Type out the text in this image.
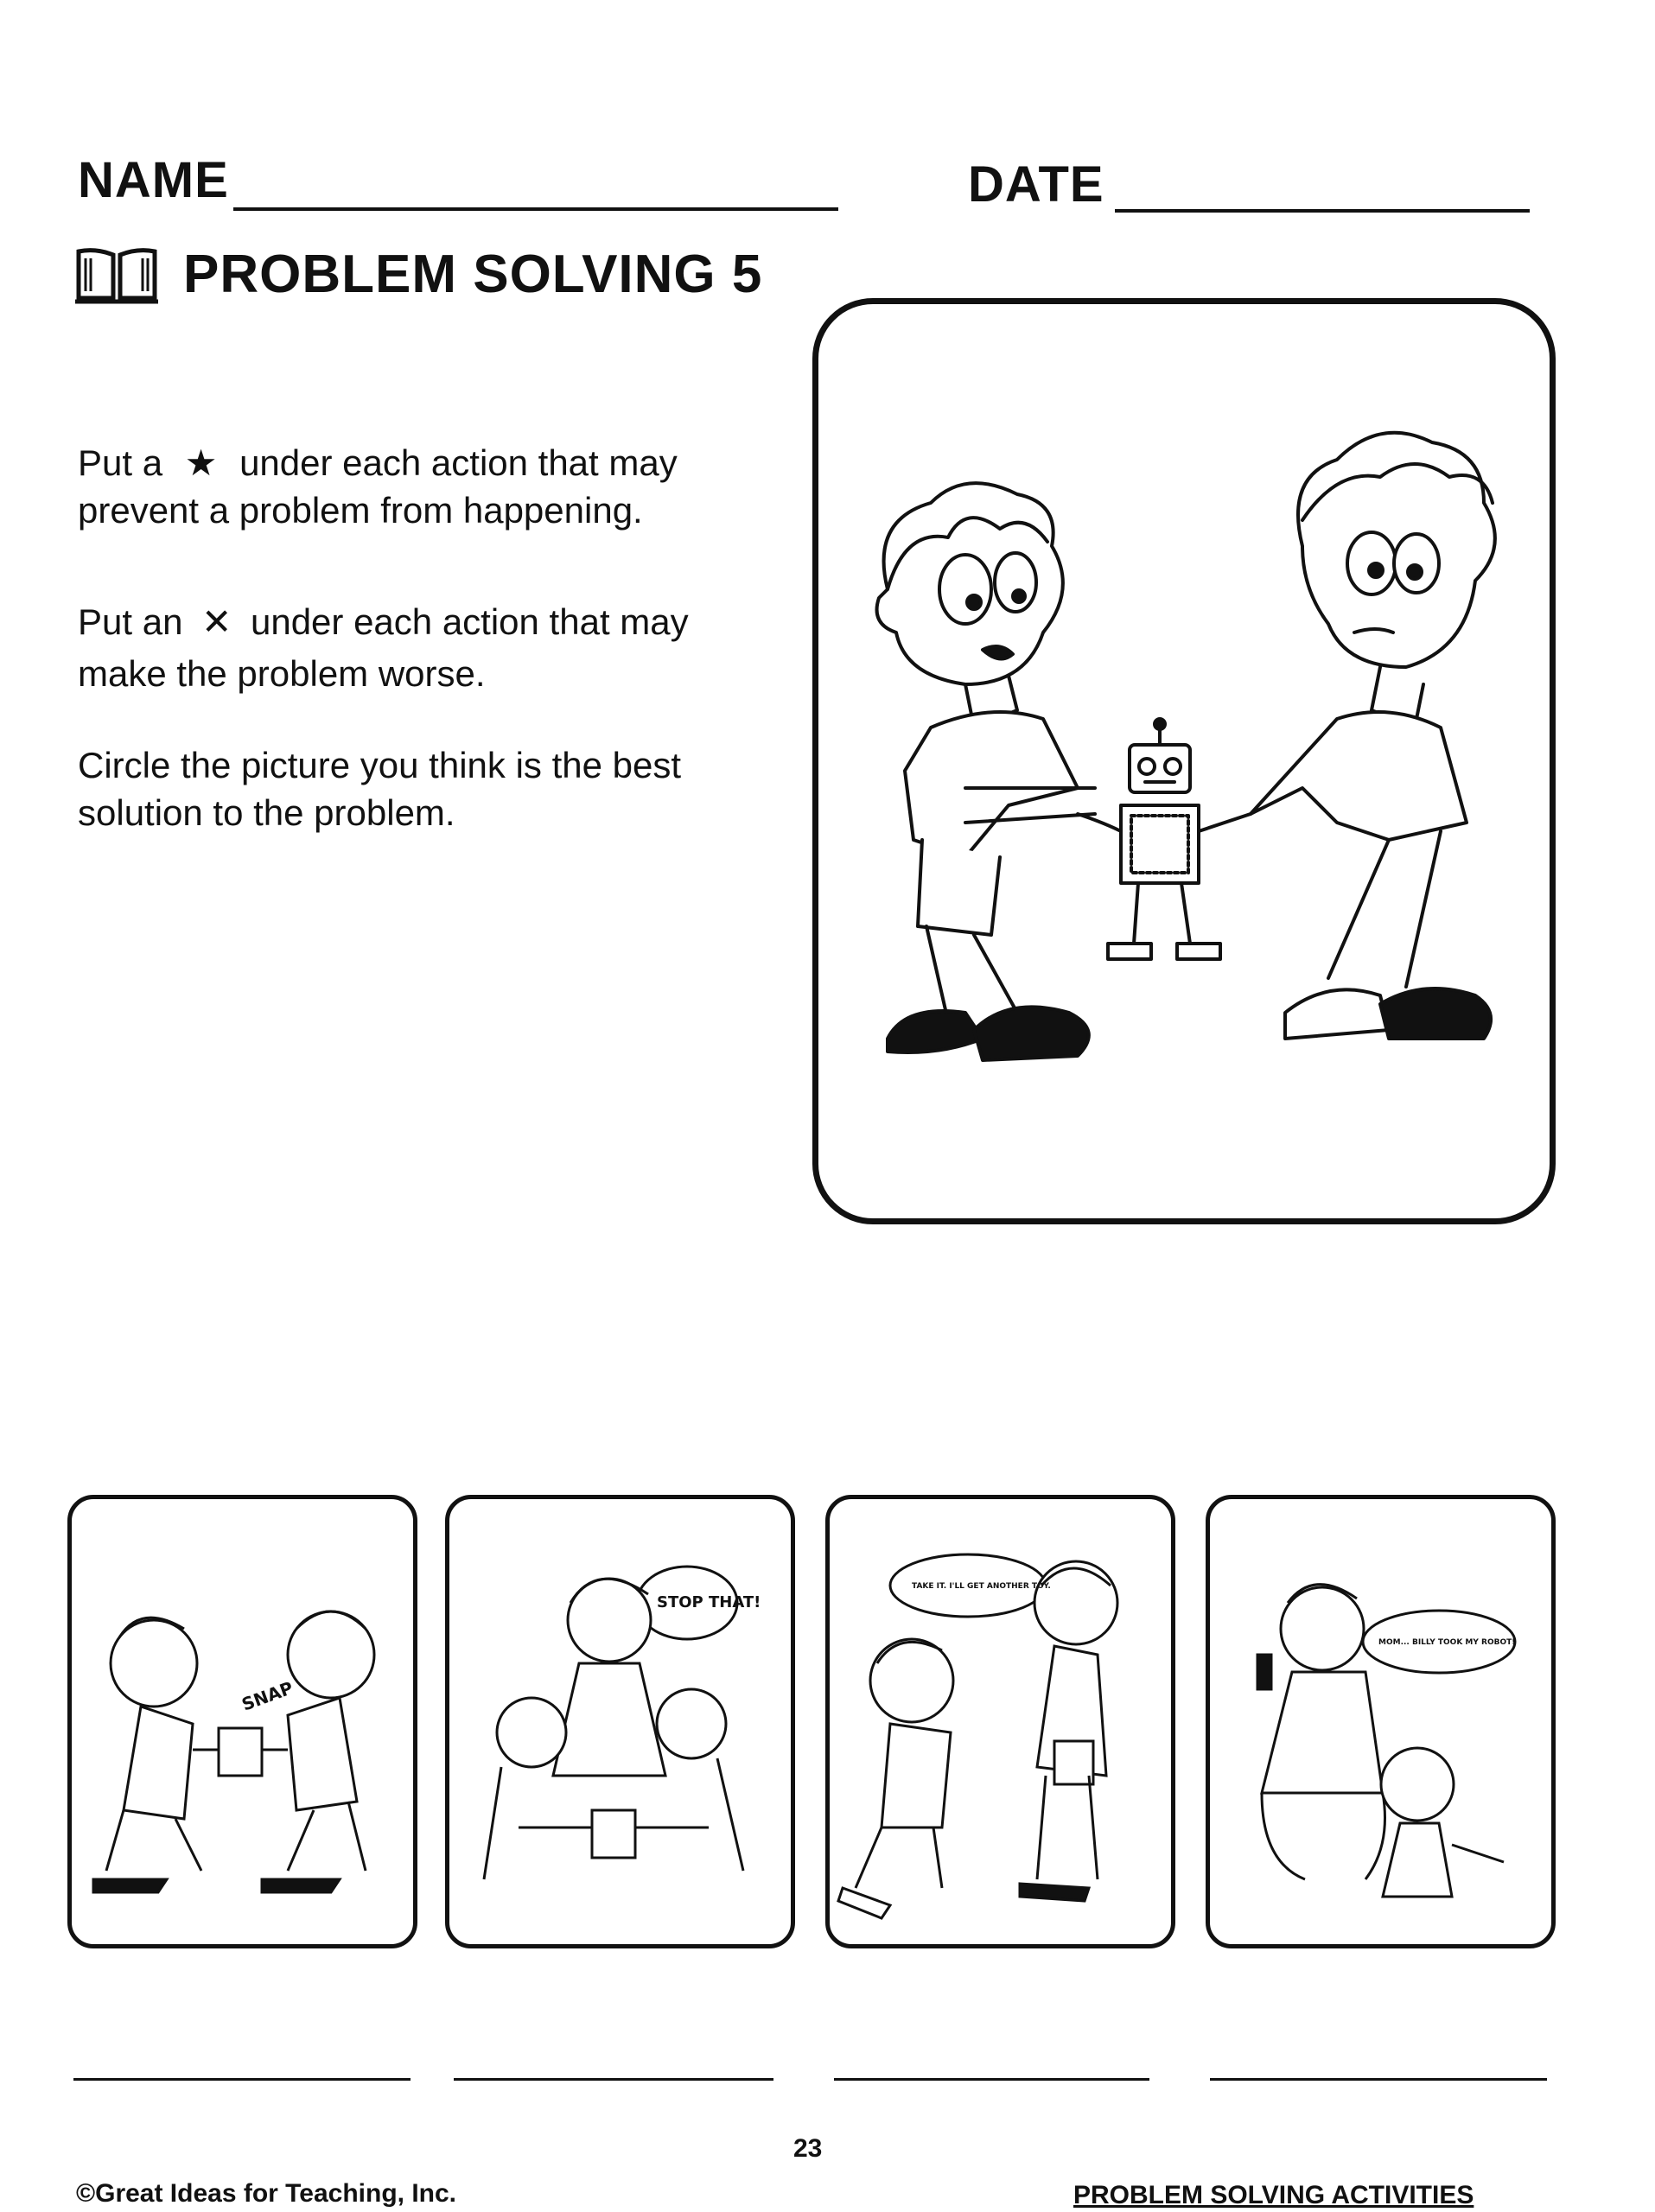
NAME	DATE
PROBLEM SOLVING 5
Put a ★ under each action that may
prevent a problem from happening.
Put an ✕ under each action that may
make the problem worse.
Circle the picture you think is the best
solution to the problem.
SNAP
STOP THAT!
TAKE IT. I'LL GET ANOTHER TOY.
MOM... BILLY TOOK MY ROBOT!
23
©Great Ideas for Teaching, Inc.	PROBLEM SOLVING ACTIVITIES
